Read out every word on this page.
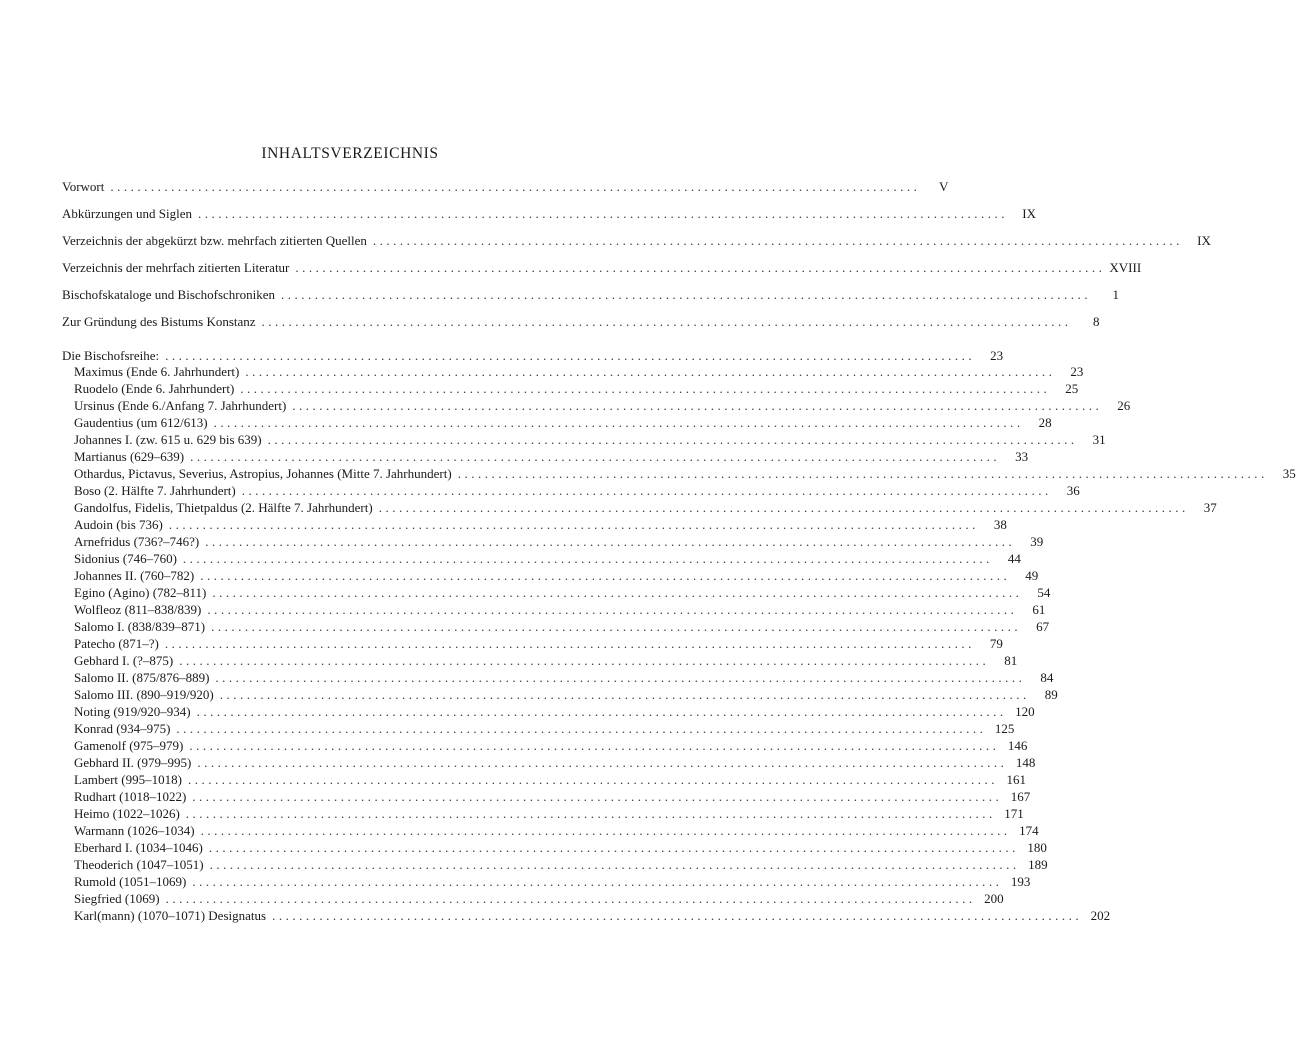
INHALTSVERZEICHNIS
Vorwort ........................................................................................................................	V
Abkürzungen und Siglen ........................................................................................................................	IX
Verzeichnis der abgekürzt bzw. mehrfach zitierten Quellen ........................................................................................................................	IX
Verzeichnis der mehrfach zitierten Literatur ........................................................................................................................ XVIII
Bischofskataloge und Bischofschroniken ........................................................................................................................	1
Zur Gründung des Bistums Konstanz ........................................................................................................................	8
Die Bischofsreihe: ........................................................................................................................	23
Maximus (Ende 6. Jahrhundert) ........................................................................................................................	23
Ruodelo (Ende 6. Jahrhundert) ........................................................................................................................	25
Ursinus (Ende 6./Anfang 7. Jahrhundert) ........................................................................................................................	26
Gaudentius (um 612/613) ........................................................................................................................	28
Johannes I. (zw. 615 u. 629 bis 639) ........................................................................................................................	31
Martianus (629–639) ........................................................................................................................	33
Othardus, Pictavus, Severius, Astropius, Johannes (Mitte 7. Jahrhundert) ........................................................................................................................	35
Boso (2. Hälfte 7. Jahrhundert) ........................................................................................................................	36
Gandolfus, Fidelis, Thietpaldus (2. Hälfte 7. Jahrhundert) ........................................................................................................................	37
Audoin (bis 736) ........................................................................................................................	38
Arnefridus (736?–746?) ........................................................................................................................	39
Sidonius (746–760) ........................................................................................................................	44
Johannes II. (760–782) ........................................................................................................................	49
Egino (Agino) (782–811) ........................................................................................................................	54
Wolfleoz (811–838/839) ........................................................................................................................	61
Salomo I. (838/839–871) ........................................................................................................................	67
Patecho (871–?) ........................................................................................................................	79
Gebhard I. (?–875) ........................................................................................................................	81
Salomo II. (875/876–889) ........................................................................................................................	84
Salomo III. (890–919/920) ........................................................................................................................	89
Noting (919/920–934) ........................................................................................................................ 120
Konrad (934–975) ........................................................................................................................ 125
Gamenolf (975–979) ........................................................................................................................ 146
Gebhard II. (979–995) ........................................................................................................................ 148
Lambert (995–1018) ........................................................................................................................ 161
Rudhart (1018–1022) ........................................................................................................................ 167
Heimo (1022–1026) ........................................................................................................................ 171
Warmann (1026–1034) ........................................................................................................................ 174
Eberhard I. (1034–1046) ........................................................................................................................ 180
Theoderich (1047–1051) ........................................................................................................................ 189
Rumold (1051–1069) ........................................................................................................................ 193
Siegfried (1069) ........................................................................................................................ 200
Karl(mann) (1070–1071) Designatus ........................................................................................................................ 202
